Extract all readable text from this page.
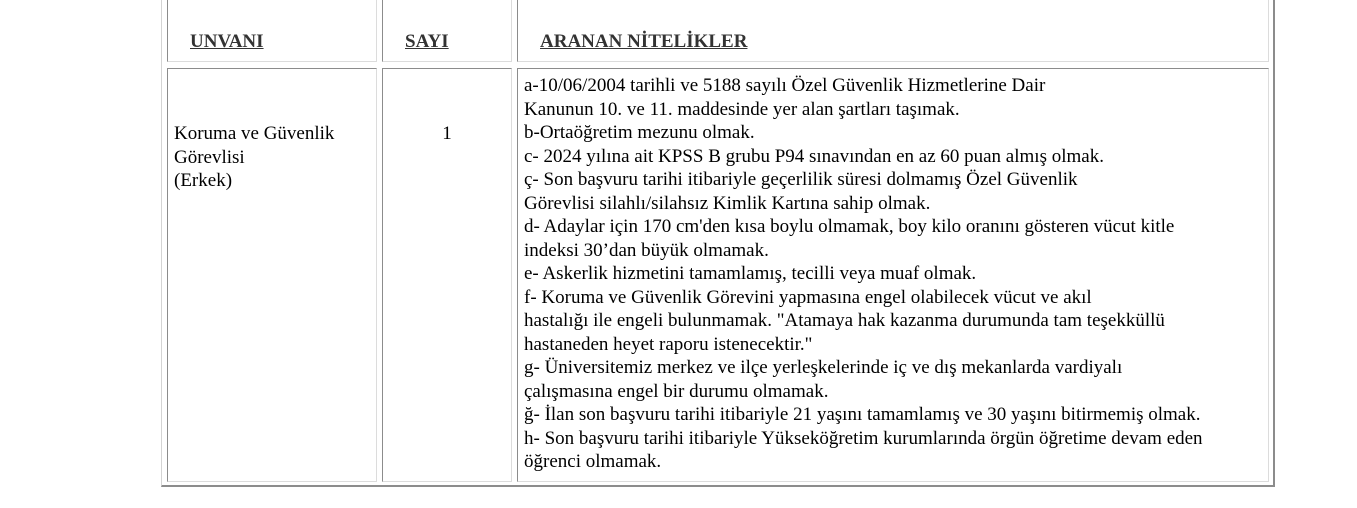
UNVANI	SAYI	ARANAN NİTELİKLER
Koruma ve Güvenlik
Görevlisi
(Erkek)
1
a-10/06/2004 tarihli ve 5188 sayılı Özel Güvenlik Hizmetlerine Dair
Kanunun 10. ve 11. maddesinde yer alan şartları taşımak.
b-Ortaöğretim mezunu olmak.
c- 2024 yılına ait KPSS B grubu P94 sınavından en az 60 puan almış olmak.
ç- Son başvuru tarihi itibariyle geçerlilik süresi dolmamış Özel Güvenlik
Görevlisi silahlı/silahsız Kimlik Kartına sahip olmak.
d- Adaylar için 170 cm'den kısa boylu olmamak, boy kilo oranını gösteren vücut kitle
indeksi 30’dan büyük olmamak.
e- Askerlik hizmetini tamamlamış, tecilli veya muaf olmak.
f- Koruma ve Güvenlik Görevini yapmasına engel olabilecek vücut ve akıl
hastalığı ile engeli bulunmamak. "Atamaya hak kazanma durumunda tam teşekküllü
hastaneden heyet raporu istenecektir."
g- Üniversitemiz merkez ve ilçe yerleşkelerinde iç ve dış mekanlarda vardiyalı
çalışmasına engel bir durumu olmamak.
ğ- İlan son başvuru tarihi itibariyle 21 yaşını tamamlamış ve 30 yaşını bitirmemiş olmak.
h- Son başvuru tarihi itibariyle Yükseköğretim kurumlarında örgün öğretime devam eden
öğrenci olmamak.
